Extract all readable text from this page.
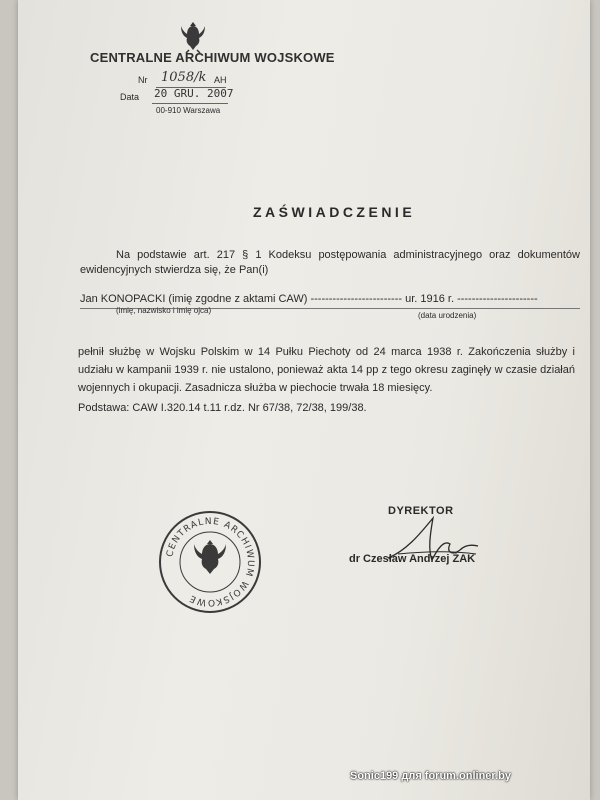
CENTRALNE ARCHIWUM WOJSKOWE
Nr 1058/k AH
Data 20 GRU. 2007
00-910 Warszawa
ZAŚWIADCZENIE
Na podstawie art. 217 § 1 Kodeksu postępowania administracyjnego oraz dokumentów ewidencyjnych stwierdza się, że Pan(i)
Jan KONOPACKI (imię zgodne z aktami CAW) ------------------------- ur. 1916 r. ----------------------
(imię, nazwisko i imię ojca)
(data urodzenia)
pełnił służbę w Wojsku Polskim w 14 Pułku Piechoty od 24 marca 1938 r. Zakończenia służby i udziału w kampanii 1939 r. nie ustalono, ponieważ akta 14 pp z tego okresu zaginęły w czasie działań wojennych i okupacji. Zasadnicza służba w piechocie trwała 18 miesięcy.
Podstawa: CAW I.320.14 t.11 r.dz. Nr 67/38, 72/38, 199/38.
DYREKTOR
dr Czesław Andrzej ŻAK
CENTRALNE ARCHIWUM WOJSKOWE
Sonic199 для forum.onliner.by
